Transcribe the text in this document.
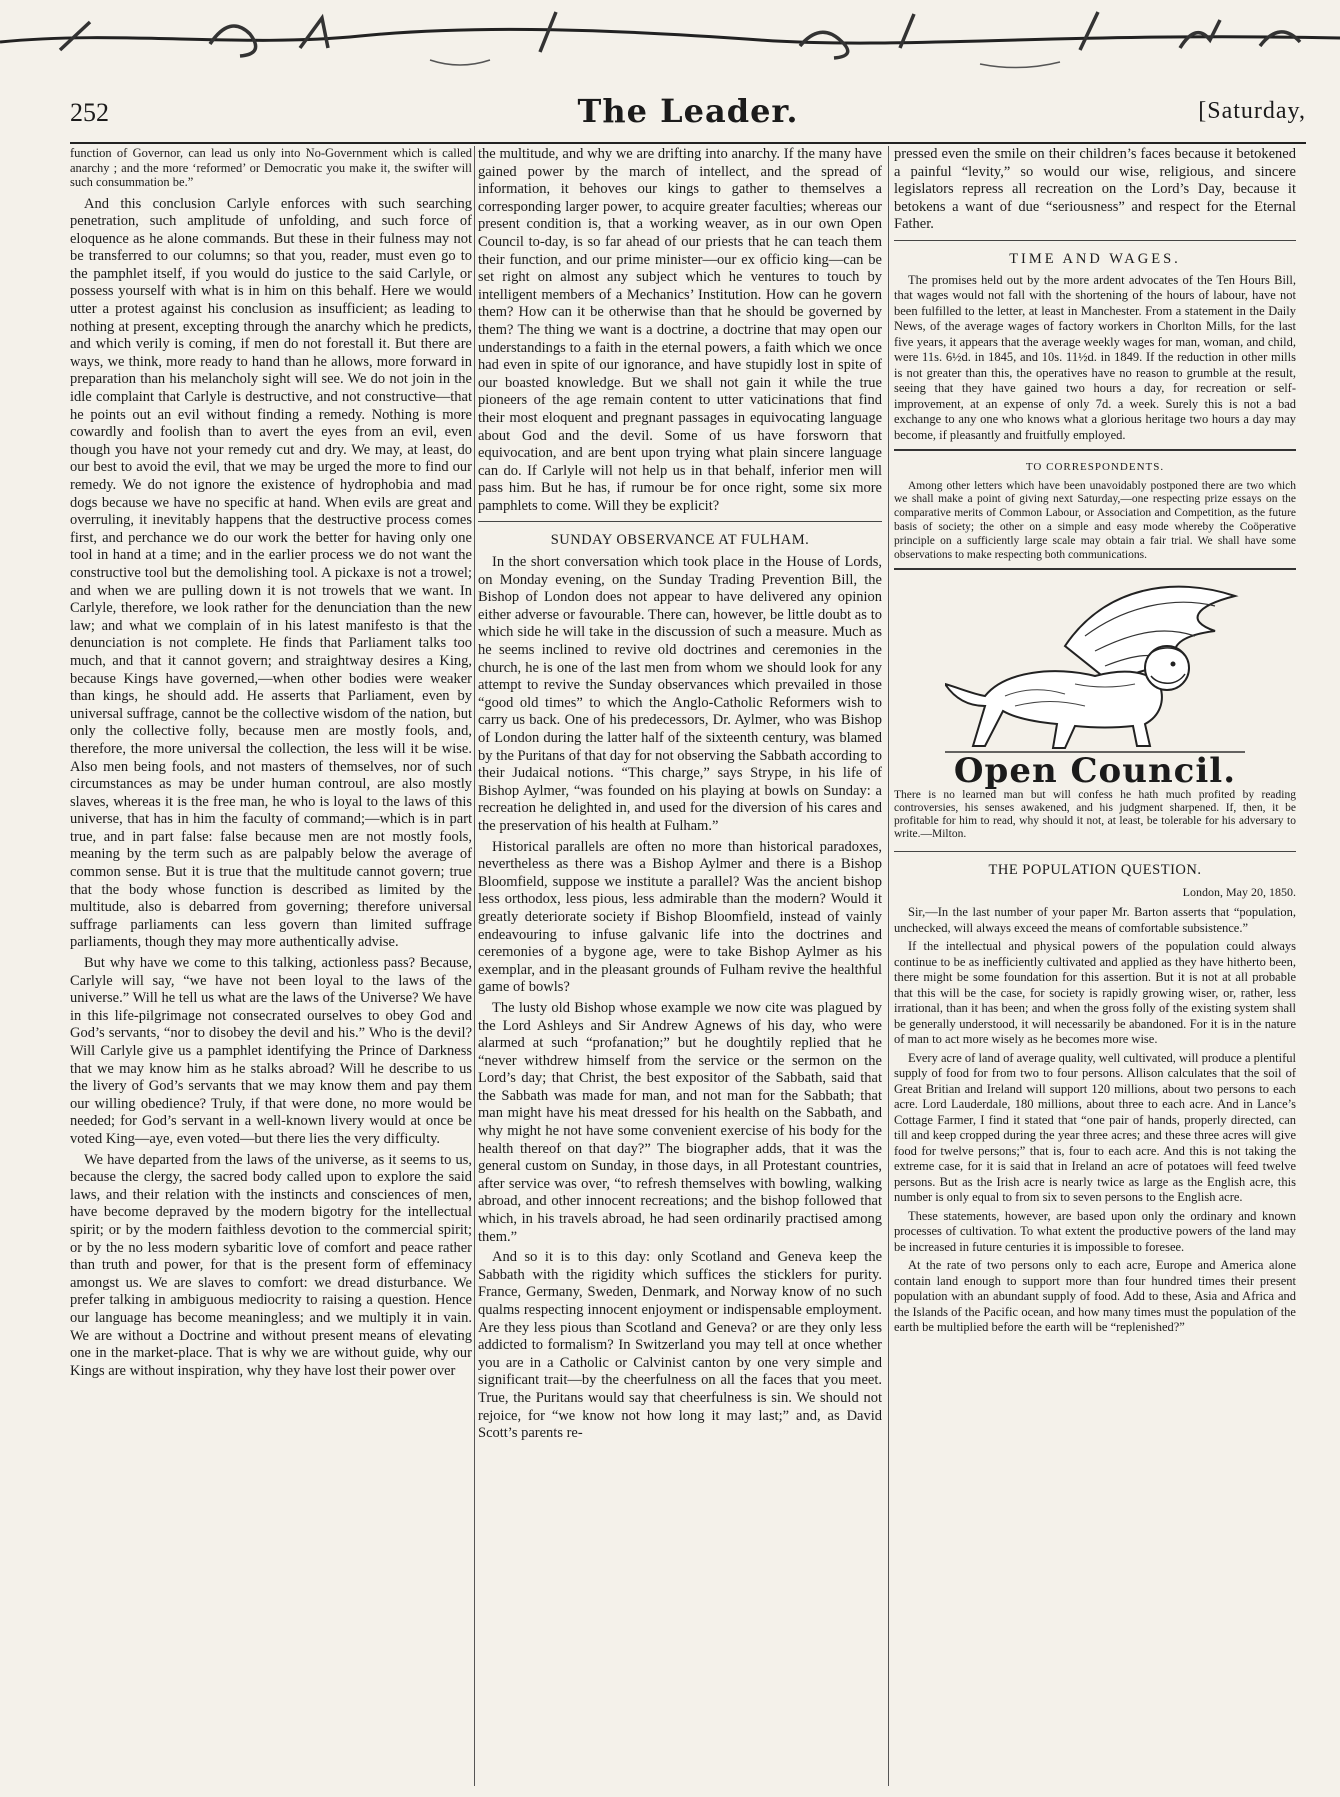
252	The Leader.	[Saturday,

function of Governor, can lead us only into No-Government which is called anarchy ; and the more ‘reformed’ or Democratic you make it, the swifter will such consummation be.”

And this conclusion Carlyle enforces with such searching penetration, such amplitude of unfolding, and such force of eloquence as he alone commands. But these in their fulness may not be transferred to our columns; so that you, reader, must even go to the pamphlet itself, if you would do justice to the said Carlyle, or possess yourself with what is in him on this behalf. Here we would utter a protest against his conclusion as insufficient; as leading to nothing at present, excepting through the anarchy which he predicts, and which verily is coming, if men do not forestall it. But there are ways, we think, more ready to hand than he allows, more forward in preparation than his melancholy sight will see. We do not join in the idle complaint that Carlyle is destructive, and not constructive—that he points out an evil without finding a remedy. Nothing is more cowardly and foolish than to avert the eyes from an evil, even though you have not your remedy cut and dry. We may, at least, do our best to avoid the evil, that we may be urged the more to find our remedy. We do not ignore the existence of hydrophobia and mad dogs because we have no specific at hand. When evils are great and overruling, it inevitably happens that the destructive process comes first, and perchance we do our work the better for having only one tool in hand at a time; and in the earlier process we do not want the constructive tool but the demolishing tool. A pickaxe is not a trowel; and when we are pulling down it is not trowels that we want. In Carlyle, therefore, we look rather for the denunciation than the new law; and what we complain of in his latest manifesto is that the denunciation is not complete. He finds that Parliament talks too much, and that it cannot govern; and straightway desires a King, because Kings have governed,—when other bodies were weaker than kings, he should add. He asserts that Parliament, even by universal suffrage, cannot be the collective wisdom of the nation, but only the collective folly, because men are mostly fools, and, therefore, the more universal the collection, the less will it be wise. Also men being fools, and not masters of themselves, nor of such circumstances as may be under human controul, are also mostly slaves, whereas it is the free man, he who is loyal to the laws of this universe, that has in him the faculty of command;—which is in part true, and in part false: false because men are not mostly fools, meaning by the term such as are palpably below the average of common sense. But it is true that the multitude cannot govern; true that the body whose function is described as limited by the multitude, also is debarred from governing; therefore universal suffrage parliaments can less govern than limited suffrage parliaments, though they may more authentically advise.

But why have we come to this talking, actionless pass? Because, Carlyle will say, “we have not been loyal to the laws of the universe.” Will he tell us what are the laws of the Universe? We have in this life-pilgrimage not consecrated ourselves to obey God and God’s servants, “nor to disobey the devil and his.” Who is the devil? Will Carlyle give us a pamphlet identifying the Prince of Darkness that we may know him as he stalks abroad? Will he describe to us the livery of God’s servants that we may know them and pay them our willing obedience? Truly, if that were done, no more would be needed; for God’s servant in a well-known livery would at once be voted King—aye, even voted—but there lies the very difficulty.

We have departed from the laws of the universe, as it seems to us, because the clergy, the sacred body called upon to explore the said laws, and their relation with the instincts and consciences of men, have become depraved by the modern bigotry for the intellectual spirit; or by the modern faithless devotion to the commercial spirit; or by the no less modern sybaritic love of comfort and peace rather than truth and power, for that is the present form of effeminacy amongst us. We are slaves to comfort: we dread disturbance. We prefer talking in ambiguous mediocrity to raising a question. Hence our language has become meaningless; and we multiply it in vain. We are without a Doctrine and without present means of elevating one in the market-place. That is why we are without guide, why our Kings are without inspiration, why they have lost their power over

the multitude, and why we are drifting into anarchy. If the many have gained power by the march of intellect, and the spread of information, it behoves our kings to gather to themselves a corresponding larger power, to acquire greater faculties; whereas our present condition is, that a working weaver, as in our own Open Council to-day, is so far ahead of our priests that he can teach them their function, and our prime minister—our ex officio king—can be set right on almost any subject which he ventures to touch by intelligent members of a Mechanics’ Institution. How can he govern them? How can it be otherwise than that he should be governed by them? The thing we want is a doctrine, a doctrine that may open our understandings to a faith in the eternal powers, a faith which we once had even in spite of our ignorance, and have stupidly lost in spite of our boasted knowledge. But we shall not gain it while the true pioneers of the age remain content to utter vaticinations that find their most eloquent and pregnant passages in equivocating language about God and the devil. Some of us have forsworn that equivocation, and are bent upon trying what plain sincere language can do. If Carlyle will not help us in that behalf, inferior men will pass him. But he has, if rumour be for once right, some six more pamphlets to come. Will they be explicit?

SUNDAY OBSERVANCE AT FULHAM.

In the short conversation which took place in the House of Lords, on Monday evening, on the Sunday Trading Prevention Bill, the Bishop of London does not appear to have delivered any opinion either adverse or favourable. There can, however, be little doubt as to which side he will take in the discussion of such a measure. Much as he seems inclined to revive old doctrines and ceremonies in the church, he is one of the last men from whom we should look for any attempt to revive the Sunday observances which prevailed in those “good old times” to which the Anglo-Catholic Reformers wish to carry us back. One of his predecessors, Dr. Aylmer, who was Bishop of London during the latter half of the sixteenth century, was blamed by the Puritans of that day for not observing the Sabbath according to their Judaical notions. “This charge,” says Strype, in his life of Bishop Aylmer, “was founded on his playing at bowls on Sunday: a recreation he delighted in, and used for the diversion of his cares and the preservation of his health at Fulham.”

Historical parallels are often no more than historical paradoxes, nevertheless as there was a Bishop Aylmer and there is a Bishop Bloomfield, suppose we institute a parallel? Was the ancient bishop less orthodox, less pious, less admirable than the modern? Would it greatly deteriorate society if Bishop Bloomfield, instead of vainly endeavouring to infuse galvanic life into the doctrines and ceremonies of a bygone age, were to take Bishop Aylmer as his exemplar, and in the pleasant grounds of Fulham revive the healthful game of bowls?

The lusty old Bishop whose example we now cite was plagued by the Lord Ashleys and Sir Andrew Agnews of his day, who were alarmed at such “profanation;” but he doughtily replied that he “never withdrew himself from the service or the sermon on the Lord’s day; that Christ, the best expositor of the Sabbath, said that the Sabbath was made for man, and not man for the Sabbath; that man might have his meat dressed for his health on the Sabbath, and why might he not have some convenient exercise of his body for the health thereof on that day?” The biographer adds, that it was the general custom on Sunday, in those days, in all Protestant countries, after service was over, “to refresh themselves with bowling, walking abroad, and other innocent recreations; and the bishop followed that which, in his travels abroad, he had seen ordinarily practised among them.”

And so it is to this day: only Scotland and Geneva keep the Sabbath with the rigidity which suffices the sticklers for purity. France, Germany, Sweden, Denmark, and Norway know of no such qualms respecting innocent enjoyment or indispensable employment. Are they less pious than Scotland and Geneva? or are they only less addicted to formalism? In Switzerland you may tell at once whether you are in a Catholic or Calvinist canton by one very simple and significant trait—by the cheerfulness on all the faces that you meet. True, the Puritans would say that cheerfulness is sin. We should not rejoice, for “we know not how long it may last;” and, as David Scott’s parents re-

pressed even the smile on their children’s faces because it betokened a painful “levity,” so would our wise, religious, and sincere legislators repress all recreation on the Lord’s Day, because it betokens a want of due “seriousness” and respect for the Eternal Father.

TIME AND WAGES.

The promises held out by the more ardent advocates of the Ten Hours Bill, that wages would not fall with the shortening of the hours of labour, have not been fulfilled to the letter, at least in Manchester. From a statement in the Daily News, of the average wages of factory workers in Chorlton Mills, for the last five years, it appears that the average weekly wages for man, woman, and child, were 11s. 6½d. in 1845, and 10s. 11½d. in 1849. If the reduction in other mills is not greater than this, the operatives have no reason to grumble at the result, seeing that they have gained two hours a day, for recreation or self-improvement, at an expense of only 7d. a week. Surely this is not a bad exchange to any one who knows what a glorious heritage two hours a day may become, if pleasantly and fruitfully employed.

TO CORRESPONDENTS.

Among other letters which have been unavoidably postponed there are two which we shall make a point of giving next Saturday,—one respecting prize essays on the comparative merits of Common Labour, or Association and Competition, as the future basis of society; the other on a simple and easy mode whereby the Coöperative principle on a sufficiently large scale may obtain a fair trial. We shall have some observations to make respecting both communications.

Open Council.

There is no learned man but will confess he hath much profited by reading controversies, his senses awakened, and his judgment sharpened. If, then, it be profitable for him to read, why should it not, at least, be tolerable for his adversary to write.—Milton.

THE POPULATION QUESTION.
London, May 20, 1850.

Sir,—In the last number of your paper Mr. Barton asserts that “population, unchecked, will always exceed the means of comfortable subsistence.”

If the intellectual and physical powers of the population could always continue to be as inefficiently cultivated and applied as they have hitherto been, there might be some foundation for this assertion. But it is not at all probable that this will be the case, for society is rapidly growing wiser, or, rather, less irrational, than it has been; and when the gross folly of the existing system shall be generally understood, it will necessarily be abandoned. For it is in the nature of man to act more wisely as he becomes more wise.

Every acre of land of average quality, well cultivated, will produce a plentiful supply of food for from two to four persons. Allison calculates that the soil of Great Britian and Ireland will support 120 millions, about two persons to each acre. Lord Lauderdale, 180 millions, about three to each acre. And in Lance’s Cottage Farmer, I find it stated that “one pair of hands, properly directed, can till and keep cropped during the year three acres; and these three acres will give food for twelve persons;” that is, four to each acre. And this is not taking the extreme case, for it is said that in Ireland an acre of potatoes will feed twelve persons. But as the Irish acre is nearly twice as large as the English acre, this number is only equal to from six to seven persons to the English acre.

These statements, however, are based upon only the ordinary and known processes of cultivation. To what extent the productive powers of the land may be increased in future centuries it is impossible to foresee.

At the rate of two persons only to each acre, Europe and America alone contain land enough to support more than four hundred times their present population with an abundant supply of food. Add to these, Asia and Africa and the Islands of the Pacific ocean, and how many times must the population of the earth be multiplied before the earth will be “replenished?”
